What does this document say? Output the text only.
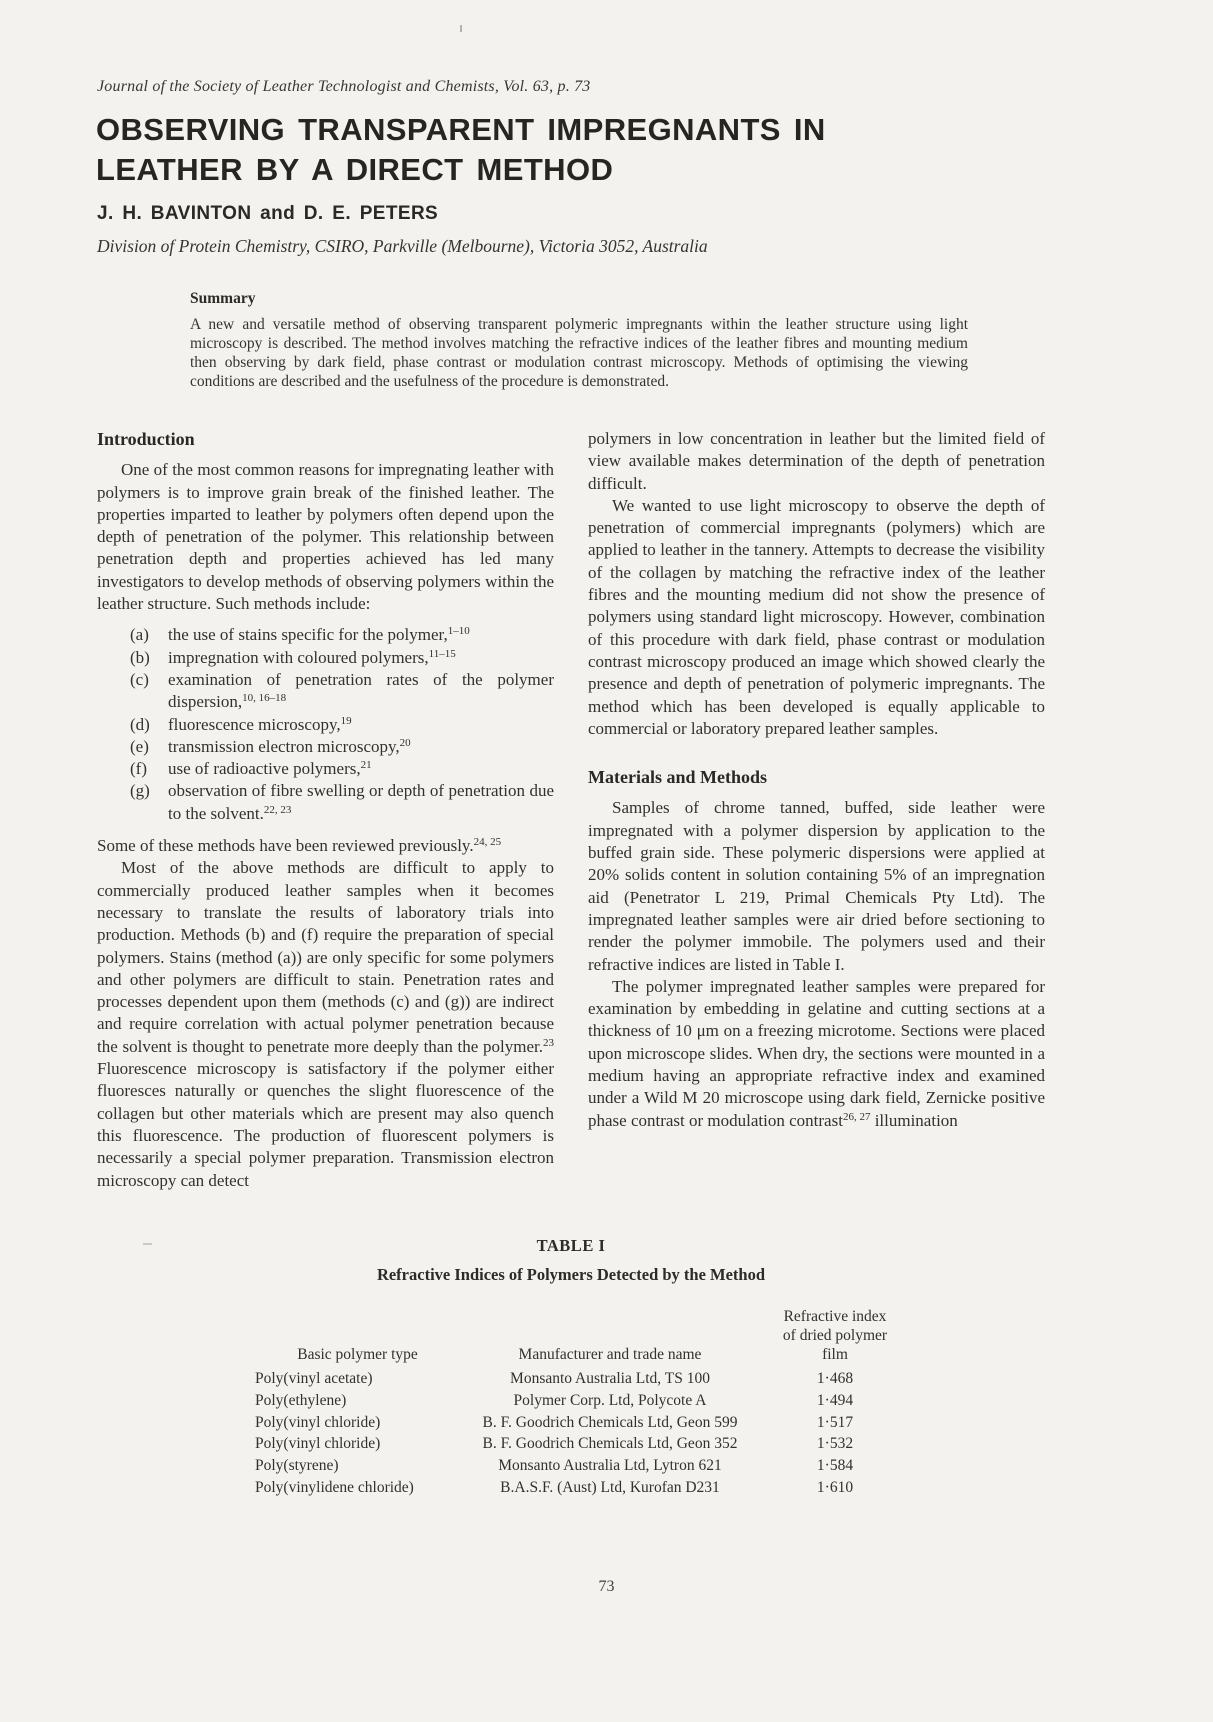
Journal of the Society of Leather Technologist and Chemists, Vol. 63, p. 73
OBSERVING TRANSPARENT IMPREGNANTS IN LEATHER BY A DIRECT METHOD
J. H. BAVINTON and D. E. PETERS
Division of Protein Chemistry, CSIRO, Parkville (Melbourne), Victoria 3052, Australia
Summary

A new and versatile method of observing transparent polymeric impregnants within the leather structure using light microscopy is described. The method involves matching the refractive indices of the leather fibres and mounting medium then observing by dark field, phase contrast or modulation contrast microscopy. Methods of optimising the viewing conditions are described and the usefulness of the procedure is demonstrated.

Introduction

One of the most common reasons for impregnating leather with polymers is to improve grain break of the finished leather. The properties imparted to leather by polymers often depend upon the depth of penetration of the polymer. This relationship between penetration depth and properties achieved has led many investigators to develop methods of observing polymers within the leather structure. Such methods include:

(a) the use of stains specific for the polymer,$^{1-10}$
(b) impregnation with coloured polymers,$^{11-15}$
(c) examination of penetration rates of the polymer dispersion,$^{10, 16-18}$
(d) fluorescence microscopy,$^{19}$
(e) transmission electron microscopy,$^{20}$
(f) use of radioactive polymers,$^{21}$
(g) observation of fibre swelling or depth of penetration due to the solvent.$^{22, 23}$

Some of these methods have been reviewed previously.$^{24, 25}$

Most of the above methods are difficult to apply to commercially produced leather samples when it becomes necessary to translate the results of laboratory trials into production. Methods (b) and (f) require the preparation of special polymers. Stains (method (a)) are only specific for some polymers and other polymers are difficult to stain. Penetration rates and processes dependent upon them (methods (c) and (g)) are indirect and require correlation with actual polymer penetration because the solvent is thought to penetrate more deeply than the polymer.$^{23}$ Fluorescence microscopy is satisfactory if the polymer either fluoresces naturally or quenches the slight fluorescence of the collagen but other materials which are present may also quench this fluorescence. The production of fluorescent polymers is necessarily a special polymer preparation. Transmission electron microscopy can detect

polymers in low concentration in leather but the limited field of view available makes determination of the depth of penetration difficult.

We wanted to use light microscopy to observe the depth of penetration of commercial impregnants (polymers) which are applied to leather in the tannery. Attempts to decrease the visibility of the collagen by matching the refractive index of the leather fibres and the mounting medium did not show the presence of polymers using standard light microscopy. However, combination of this procedure with dark field, phase contrast or modulation contrast microscopy produced an image which showed clearly the presence and depth of penetration of polymeric impregnants. The method which has been developed is equally applicable to commercial or laboratory prepared leather samples.

Materials and Methods

Samples of chrome tanned, buffed, side leather were impregnated with a polymer dispersion by application to the buffed grain side. These polymeric dispersions were applied at 20% solids content in solution containing 5% of an impregnation aid (Penetrator L 219, Primal Chemicals Pty Ltd). The impregnated leather samples were air dried before sectioning to render the polymer immobile. The polymers used and their refractive indices are listed in Table I.

The polymer impregnated leather samples were prepared for examination by embedding in gelatine and cutting sections at a thickness of 10 μm on a freezing microtome. Sections were placed upon microscope slides. When dry, the sections were mounted in a medium having an appropriate refractive index and examined under a Wild M 20 microscope using dark field, Zernicke positive phase contrast or modulation contrast$^{26, 27}$ illumination

TABLE I

Refractive Indices of Polymers Detected by the Method

Basic polymer type	Manufacturer and trade name	Refractive index
of dried polymer
film
Poly(vinyl acetate)	Monsanto Australia Ltd, TS 100	1·468
Poly(ethylene)	Polymer Corp. Ltd, Polycote A	1·494
Poly(vinyl chloride)	B. F. Goodrich Chemicals Ltd, Geon 599	1·517
Poly(vinyl chloride)	B. F. Goodrich Chemicals Ltd, Geon 352	1·532
Poly(styrene)	Monsanto Australia Ltd, Lytron 621	1·584
Poly(vinylidene chloride)	B.A.S.F. (Aust) Ltd, Kurofan D231	1·610
73
